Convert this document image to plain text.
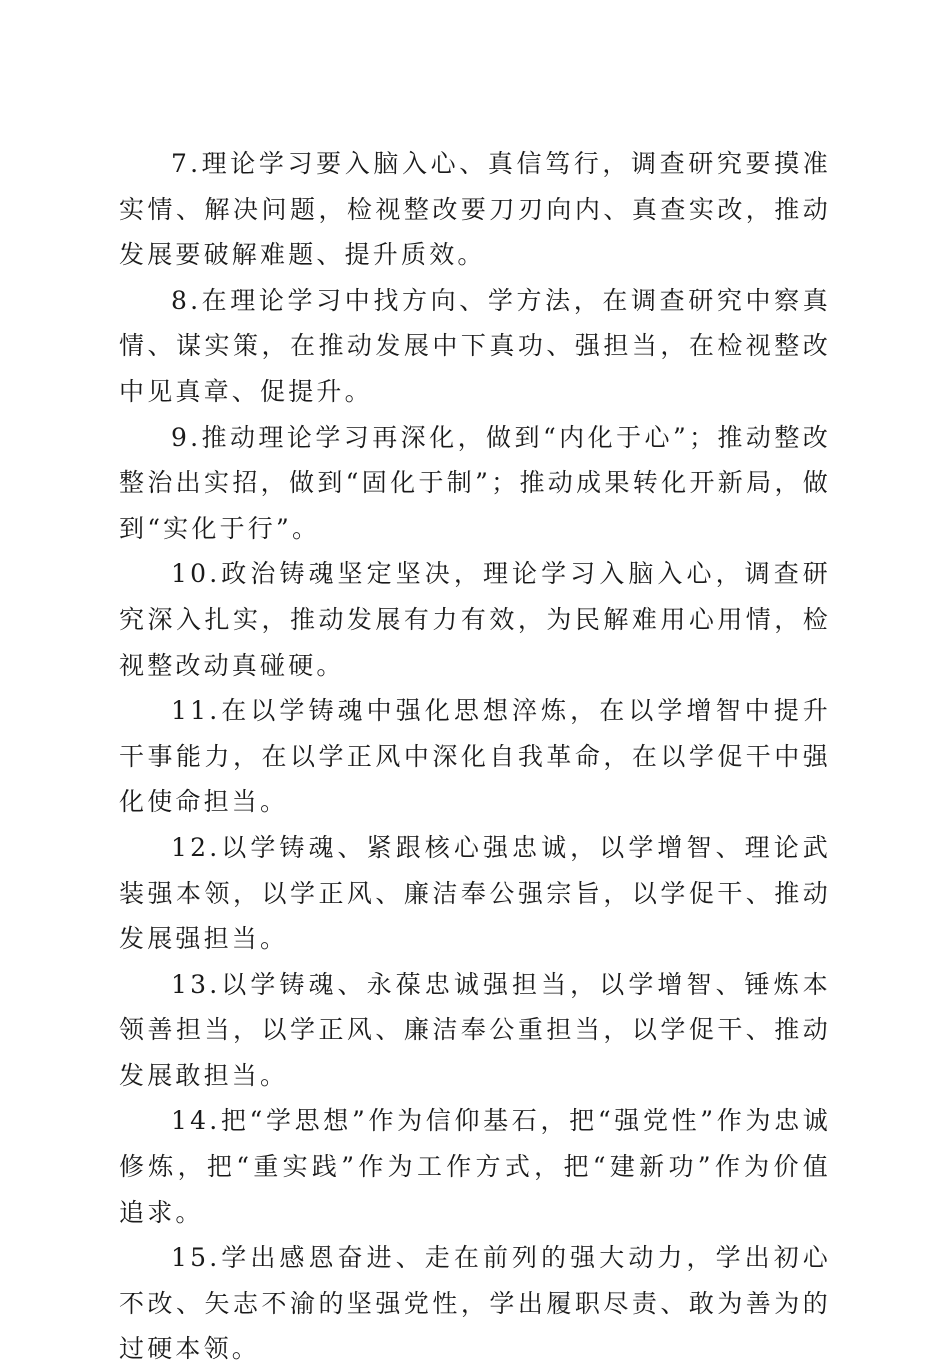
7.理论学习要入脑入心、真信笃行，调查研究要摸准实情、解决问题，检视整改要刀刃向内、真查实改，推动发展要破解难题、提升质效。

8.在理论学习中找方向、学方法，在调查研究中察真情、谋实策，在推动发展中下真功、强担当，在检视整改中见真章、促提升。

9.推动理论学习再深化，做到“内化于心”；推动整改整治出实招，做到“固化于制”；推动成果转化开新局，做到“实化于行”。

10.政治铸魂坚定坚决，理论学习入脑入心，调查研究深入扎实，推动发展有力有效，为民解难用心用情，检视整改动真碰硬。

11.在以学铸魂中强化思想淬炼，在以学增智中提升干事能力，在以学正风中深化自我革命，在以学促干中强化使命担当。

12.以学铸魂、紧跟核心强忠诚，以学增智、理论武装强本领，以学正风、廉洁奉公强宗旨，以学促干、推动发展强担当。

13.以学铸魂、永葆忠诚强担当，以学增智、锤炼本领善担当，以学正风、廉洁奉公重担当，以学促干、推动发展敢担当。

14.把“学思想”作为信仰基石，把“强党性”作为忠诚修炼，把“重实践”作为工作方式，把“建新功”作为价值追求。

15.学出感恩奋进、走在前列的强大动力，学出初心不改、矢志不渝的坚强党性，学出履职尽责、敢为善为的过硬本领。
